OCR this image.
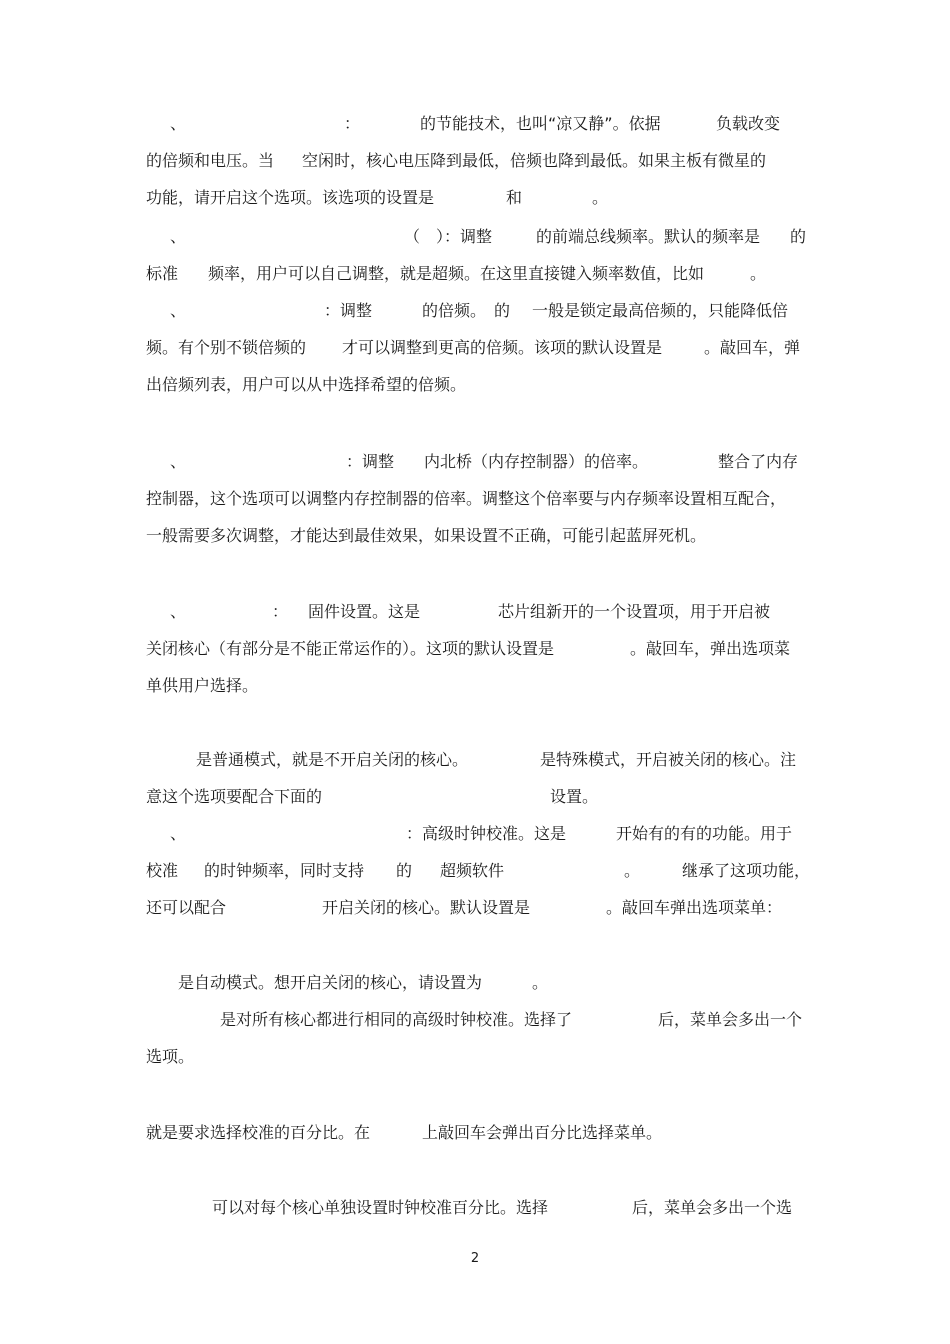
、	：	的节能技术，也叫“凉又静”。依据	负载改变
的倍频和电压。当 空闲时，核心电压降到最低，倍频也降到最低。如果主板有微星的
功能，请开启这个选项。该选项的设置是	和	。
、	（ ）：调整	的前端总线频率。默认的频率是 的
标准 频率，用户可以自己调整，就是超频。在这里直接键入频率数值，比如	。
、	：调整	的倍频。 的 一般是锁定最高倍频的，只能降低倍
频。有个别不锁倍频的 才可以调整到更高的倍频。该项的默认设置是	。敲回车，弹
出倍频列表，用户可以从中选择希望的倍频。
、	：调整 内北桥（内存控制器）的倍率。	整合了内存
控制器，这个选项可以调整内存控制器的倍率。调整这个倍率要与内存频率设置相互配合，
一般需要多次调整，才能达到最佳效果，如果设置不正确，可能引起蓝屏死机。
、	： 固件设置。这是	芯片组新开的一个设置项，用于开启被
关闭核心（有部分是不能正常运作的）。这项的默认设置是	。敲回车，弹出选项菜
单供用户选择。
是普通模式，就是不开启关闭的核心。	是特殊模式，开启被关闭的核心。注
意这个选项要配合下面的	设置。
、	：高级时钟校准。这是	开始有的有的功能。用于
校准 的时钟频率，同时支持 的 超频软件	。	继承了这项功能，
还可以配合	开启关闭的核心。默认设置是	。敲回车弹出选项菜单：
是自动模式。想开启关闭的核心，请设置为	。
是对所有核心都进行相同的高级时钟校准。选择了	后，菜单会多出一个
选项。
就是要求选择校准的百分比。在	上敲回车会弹出百分比选择菜单。
可以对每个核心单独设置时钟校准百分比。选择	后，菜单会多出一个选
2
